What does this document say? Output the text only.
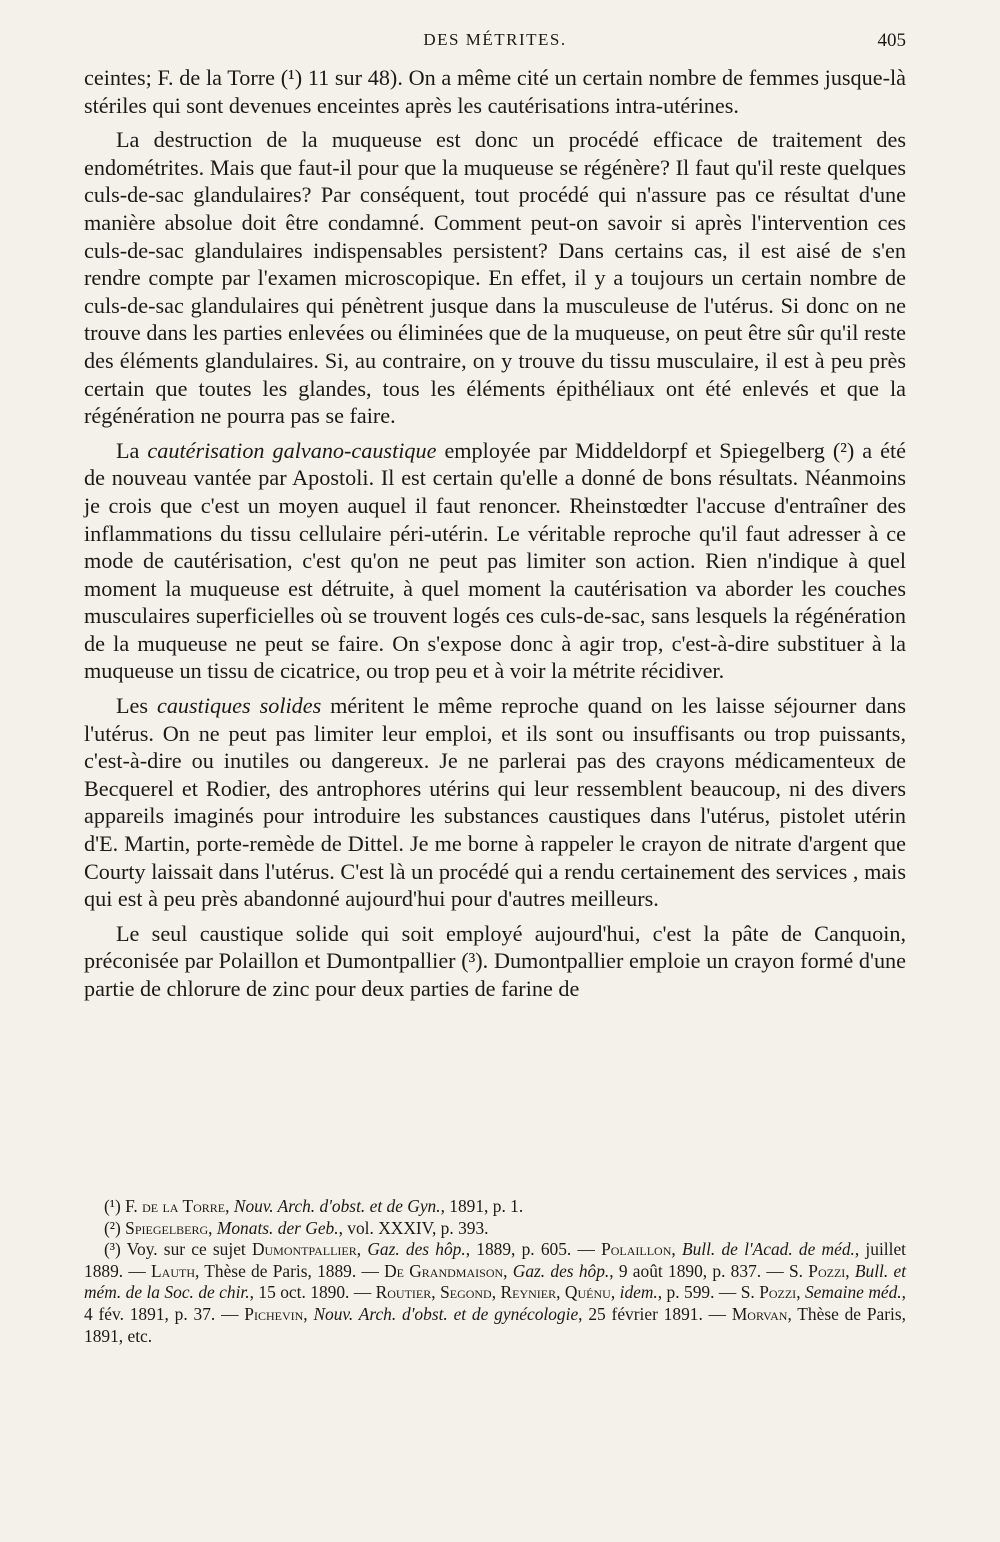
DES MÉTRITES.	405

ceintes; F. de la Torre (¹) 11 sur 48). On a même cité un certain nombre de femmes jusque-là stériles qui sont devenues enceintes après les cautérisations intra-utérines.

La destruction de la muqueuse est donc un procédé efficace de traitement des endométrites. Mais que faut-il pour que la muqueuse se régénère? Il faut qu'il reste quelques culs-de-sac glandulaires? Par conséquent, tout procédé qui n'assure pas ce résultat d'une manière absolue doit être condamné. Comment peut-on savoir si après l'intervention ces culs-de-sac glandulaires indispensables persistent? Dans certains cas, il est aisé de s'en rendre compte par l'examen microscopique. En effet, il y a toujours un certain nombre de culs-de-sac glandulaires qui pénètrent jusque dans la musculeuse de l'utérus. Si donc on ne trouve dans les parties enlevées ou éliminées que de la muqueuse, on peut être sûr qu'il reste des éléments glandulaires. Si, au contraire, on y trouve du tissu musculaire, il est à peu près certain que toutes les glandes, tous les éléments épithéliaux ont été enlevés et que la régénération ne pourra pas se faire.

La cautérisation galvano-caustique employée par Middeldorpf et Spiegelberg (²) a été de nouveau vantée par Apostoli. Il est certain qu'elle a donné de bons résultats. Néanmoins je crois que c'est un moyen auquel il faut renoncer. Rheinstœdter l'accuse d'entraîner des inflammations du tissu cellulaire péri-utérin. Le véritable reproche qu'il faut adresser à ce mode de cautérisation, c'est qu'on ne peut pas limiter son action. Rien n'indique à quel moment la muqueuse est détruite, à quel moment la cautérisation va aborder les couches musculaires superficielles où se trouvent logés ces culs-de-sac, sans lesquels la régénération de la muqueuse ne peut se faire. On s'expose donc à agir trop, c'est-à-dire substituer à la muqueuse un tissu de cicatrice, ou trop peu et à voir la métrite récidiver.

Les caustiques solides méritent le même reproche quand on les laisse séjourner dans l'utérus. On ne peut pas limiter leur emploi, et ils sont ou insuffisants ou trop puissants, c'est-à-dire ou inutiles ou dangereux. Je ne parlerai pas des crayons médicamenteux de Becquerel et Rodier, des antrophores utérins qui leur ressemblent beaucoup, ni des divers appareils imaginés pour introduire les substances caustiques dans l'utérus, pistolet utérin d'E. Martin, porte-remède de Dittel. Je me borne à rappeler le crayon de nitrate d'argent que Courty laissait dans l'utérus. C'est là un procédé qui a rendu certainement des services , mais qui est à peu près abandonné aujourd'hui pour d'autres meilleurs.

Le seul caustique solide qui soit employé aujourd'hui, c'est la pâte de Canquoin, préconisée par Polaillon et Dumontpallier (³). Dumontpallier emploie un crayon formé d'une partie de chlorure de zinc pour deux parties de farine de

(¹) F. de la Torre, Nouv. Arch. d'obst. et de Gyn., 1891, p. 1.

(²) Spiegelberg, Monats. der Geb., vol. XXXIV, p. 393.

(³) Voy. sur ce sujet Dumontpallier, Gaz. des hôp., 1889, p. 605. — Polaillon, Bull. de l'Acad. de méd., juillet 1889. — Lauth, Thèse de Paris, 1889. — De Grandmaison, Gaz. des hôp., 9 août 1890, p. 837. — S. Pozzi, Bull. et mém. de la Soc. de chir., 15 oct. 1890. — Routier, Segond, Reynier, Quénu, idem., p. 599. — S. Pozzi, Semaine méd., 4 fév. 1891, p. 37. — Pichevin, Nouv. Arch. d'obst. et de gynécologie, 25 février 1891. — Morvan, Thèse de Paris, 1891, etc.
